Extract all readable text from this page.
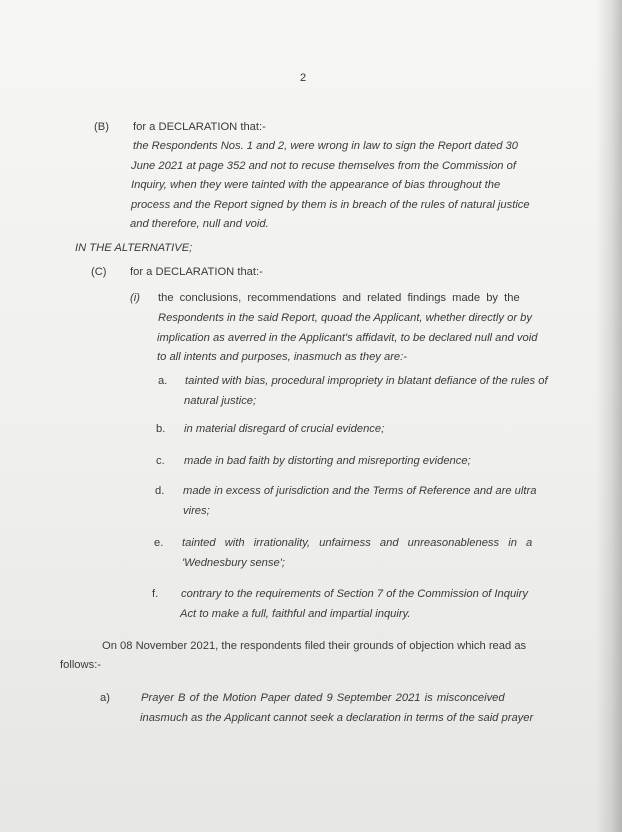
2
(B) for a DECLARATION that:-
the Respondents Nos. 1 and 2, were wrong in law to sign the Report dated 30
June 2021 at page 352 and not to recuse themselves from the Commission of
Inquiry, when they were tainted with the appearance of bias throughout the
process and the Report signed by them is in breach of the rules of natural justice
and therefore, null and void.
IN THE ALTERNATIVE;
(C) for a DECLARATION that:-
(i) the conclusions, recommendations and related findings made by the
Respondents in the said Report, quoad the Applicant, whether directly or by
implication as averred in the Applicant's affidavit, to be declared null and void
to all intents and purposes, inasmuch as they are:-
a. tainted with bias, procedural impropriety in blatant defiance of the rules of
natural justice;
b. in material disregard of crucial evidence;
c. made in bad faith by distorting and misreporting evidence;
d. made in excess of jurisdiction and the Terms of Reference and are ultra
vires;
e. tainted with irrationality, unfairness and unreasonableness in a
'Wednesbury sense';
f. contrary to the requirements of Section 7 of the Commission of Inquiry
Act to make a full, faithful and impartial inquiry.
On 08 November 2021, the respondents filed their grounds of objection which read as
follows:-
a)	Prayer B of the Motion Paper dated 9 September 2021 is misconceived
inasmuch as the Applicant cannot seek a declaration in terms of the said prayer
